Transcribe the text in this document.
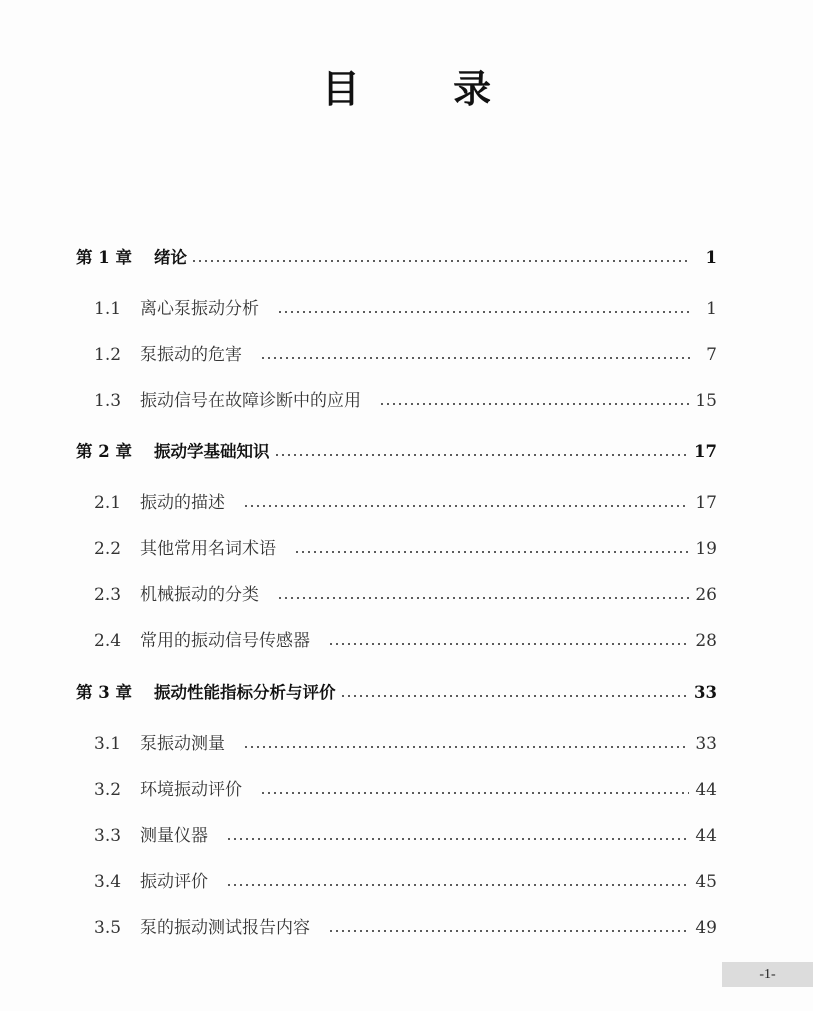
目 录
第 1 章	绪论	1
1.1	离心泵振动分析	1
1.2	泵振动的危害	7
1.3	振动信号在故障诊断中的应用	15
第 2 章	振动学基础知识	17
2.1	振动的描述	17
2.2	其他常用名词术语	19
2.3	机械振动的分类	26
2.4	常用的振动信号传感器	28
第 3 章	振动性能指标分析与评价	33
3.1	泵振动测量	33
3.2	环境振动评价	44
3.3	测量仪器	44
3.4	振动评价	45
3.5	泵的振动测试报告内容	49
-1-
